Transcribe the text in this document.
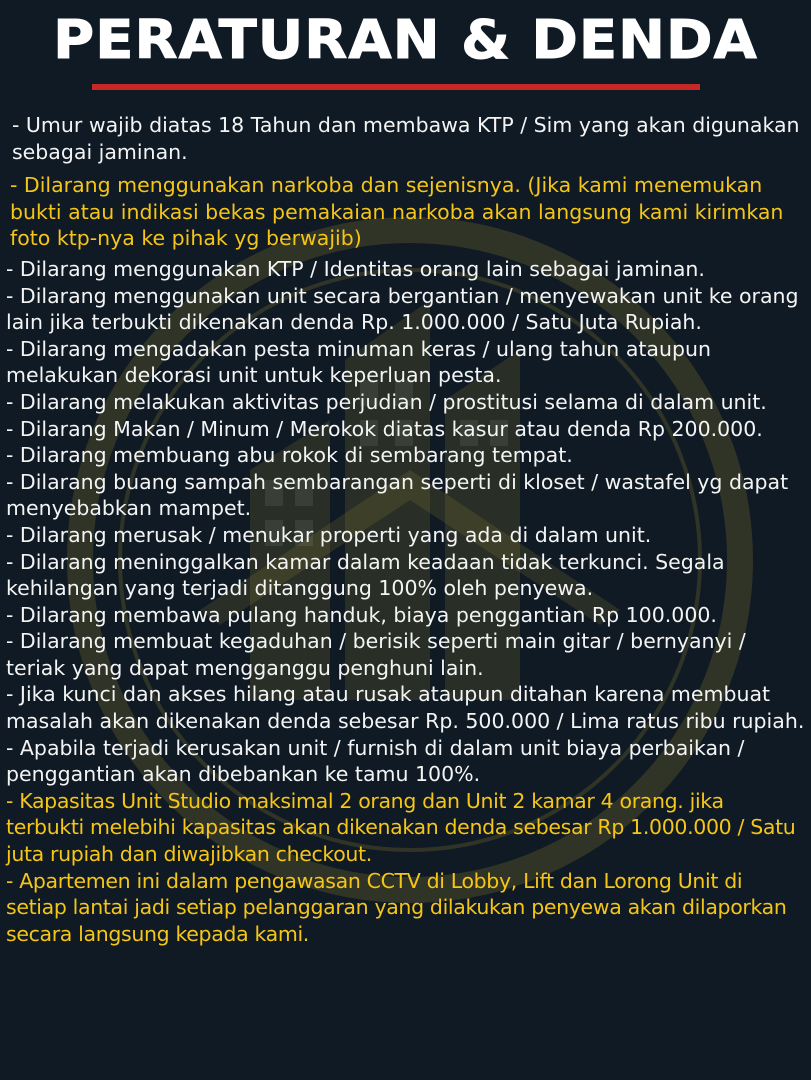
PERATURAN & DENDA

- Umur wajib diatas 18 Tahun dan membawa KTP / Sim yang akan digunakan sebagai jaminan.

- Dilarang menggunakan narkoba dan sejenisnya. (Jika kami menemukan bukti atau indikasi bekas pemakaian narkoba akan langsung kami kirimkan foto ktp-nya ke pihak yg berwajib)

- Dilarang menggunakan KTP / Identitas orang lain sebagai jaminan.

- Dilarang menggunakan unit secara bergantian / menyewakan unit ke orang lain jika terbukti dikenakan denda Rp. 1.000.000 / Satu Juta Rupiah.

- Dilarang mengadakan pesta minuman keras / ulang tahun ataupun melakukan dekorasi unit untuk keperluan pesta.

- Dilarang melakukan aktivitas perjudian / prostitusi selama di dalam unit.

- Dilarang Makan / Minum / Merokok diatas kasur atau denda Rp 200.000.

- Dilarang membuang abu rokok di sembarang tempat.

- Dilarang buang sampah sembarangan seperti di kloset / wastafel yg dapat menyebabkan mampet.

- Dilarang merusak / menukar properti yang ada di dalam unit.

- Dilarang meninggalkan kamar dalam keadaan tidak terkunci. Segala kehilangan yang terjadi ditanggung 100% oleh penyewa.

- Dilarang membawa pulang handuk, biaya penggantian Rp 100.000.

- Dilarang membuat kegaduhan / berisik seperti main gitar / bernyanyi / teriak yang dapat mengganggu penghuni lain.

- Jika kunci dan akses hilang atau rusak ataupun ditahan karena membuat masalah akan dikenakan denda sebesar Rp. 500.000 / Lima ratus ribu rupiah.

- Apabila terjadi kerusakan unit / furnish di dalam unit biaya perbaikan / penggantian akan dibebankan ke tamu 100%.

- Kapasitas Unit Studio maksimal 2 orang dan Unit 2 kamar 4 orang. jika terbukti melebihi kapasitas akan dikenakan denda sebesar Rp 1.000.000 / Satu juta rupiah dan diwajibkan checkout.

- Apartemen ini dalam pengawasan CCTV di Lobby, Lift dan Lorong Unit di setiap lantai jadi setiap pelanggaran yang dilakukan penyewa akan dilaporkan secara langsung kepada kami.
